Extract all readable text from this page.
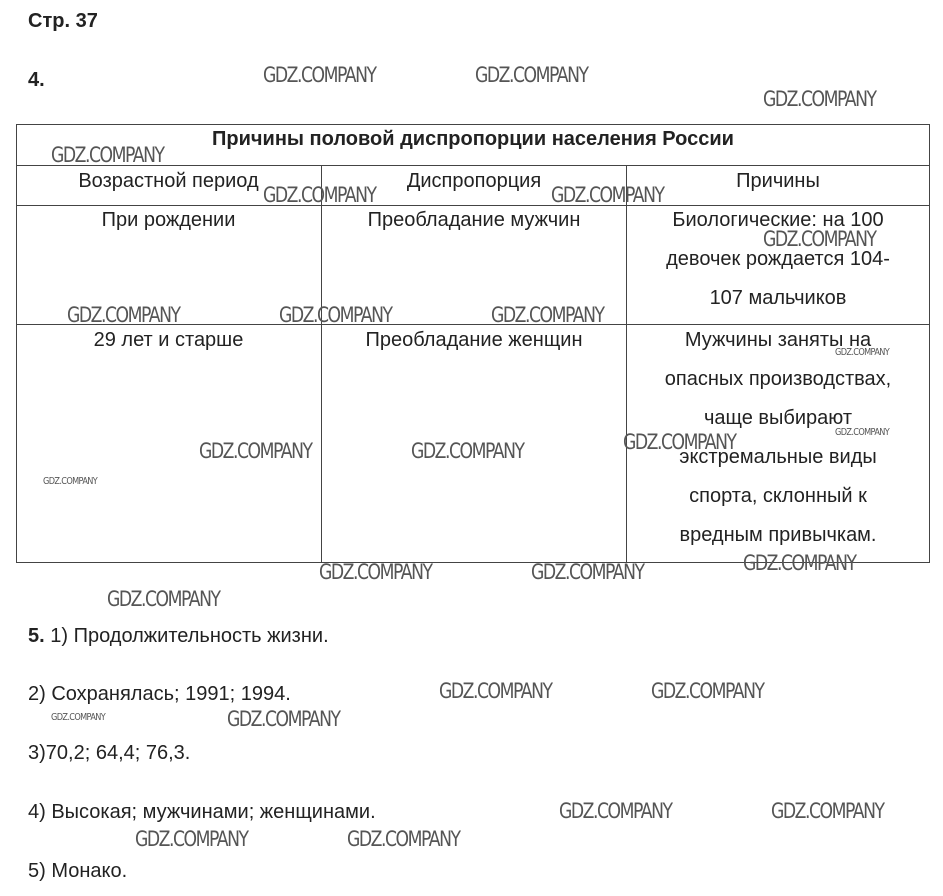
Стр. 37
4.
Причины половой диспропорции населения России
Возрастной период	Диспропорция	Причины
При рождении	Преобладание мужчин	Биологические: на 100
девочек рождается 104-
107 мальчиков
29 лет и старше	Преобладание женщин	Мужчины заняты на
опасных производствах,
чаще выбирают
экстремальные виды
спорта, склонный к
вредным привычкам.
5. 1) Продолжительность жизни.
2) Сохранялась; 1991; 1994.
3)70,2; 64,4; 76,3.
4) Высокая; мужчинами; женщинами.
5) Монако.
GDZ.COMPANY	GDZ.COMPANY
GDZ.COMPANY
GDZ.COMPANY
GDZ.COMPANY	GDZ.COMPANY
GDZ.COMPANY
GDZ.COMPANY	GDZ.COMPANY	GDZ.COMPANY
GDZ.COMPANY
GDZ.COMPANY	GDZ.COMPANY
GDZ.COMPANY	GDZ.COMPANY
GDZ.COMPANY
GDZ.COMPANY
GDZ.COMPANY	GDZ.COMPANY
GDZ.COMPANY
GDZ.COMPANY	GDZ.COMPANY
GDZ.COMPANY	GDZ.COMPANY
GDZ.COMPANY	GDZ.COMPANY
GDZ.COMPANY	GDZ.COMPANY
